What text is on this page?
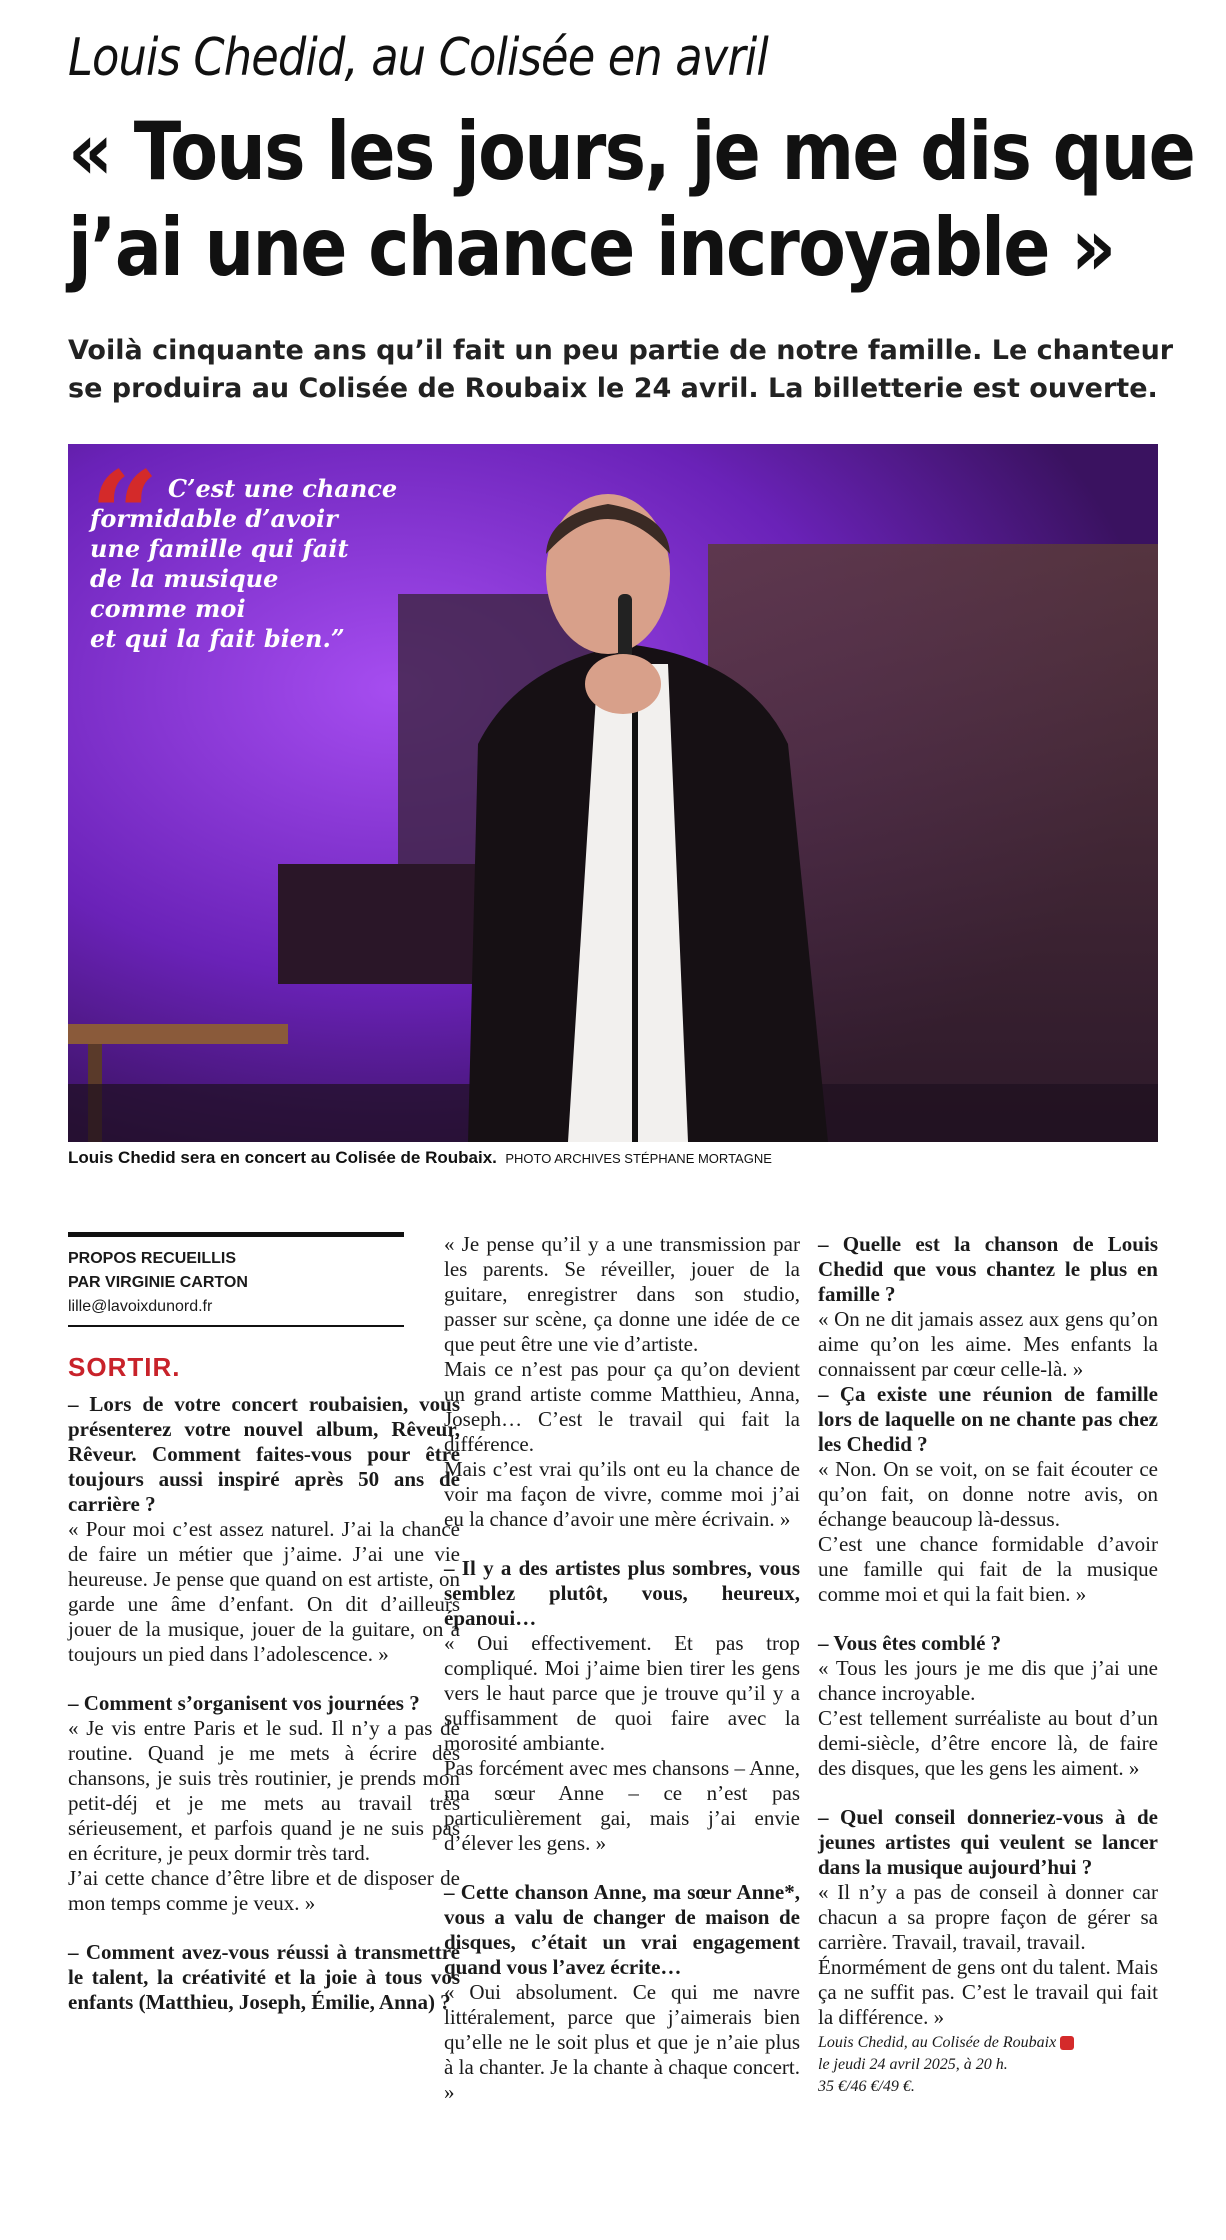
Louis Chedid, au Colisée en avril
« Tous les jours, je me dis que
j’ai une chance incroyable »
Voilà cinquante ans qu’il fait un peu partie de notre famille. Le chanteur
se produira au Colisée de Roubaix le 24 avril. La billetterie est ouverte.
“ C’est une chance
formidable d’avoir
une famille qui fait
de la musique
comme moi
et qui la fait bien.”
Louis Chedid sera en concert au Colisée de Roubaix. PHOTO ARCHIVES STÉPHANE MORTAGNE
PROPOS RECUEILLIS
PAR VIRGINIE CARTON
lille@lavoixdunord.fr
SORTIR.

– Lors de votre concert roubaisien, vous présenterez votre nouvel album, Rêveur, Rêveur. Comment faites-vous pour être toujours aussi inspiré après 50 ans de carrière ?

« Pour moi c’est assez naturel. J’ai la chance de faire un métier que j’aime. J’ai une vie heureuse. Je pense que quand on est artiste, on garde une âme d’enfant. On dit d’ailleurs jouer de la musique, jouer de la guitare, on a toujours un pied dans l’adolescence. »

– Comment s’organisent vos journées ?

« Je vis entre Paris et le sud. Il n’y a pas de routine. Quand je me mets à écrire des chansons, je suis très routinier, je prends mon petit-déj et je me mets au travail très sérieusement, et parfois quand je ne suis pas en écriture, je peux dormir très tard.

J’ai cette chance d’être libre et de disposer de mon temps comme je veux. »

– Comment avez-vous réussi à transmettre le talent, la créativité et la joie à tous vos enfants (Matthieu, Joseph, Émilie, Anna) ?

« Je pense qu’il y a une transmission par les parents. Se réveiller, jouer de la guitare, enregistrer dans son studio, passer sur scène, ça donne une idée de ce que peut être une vie d’artiste.

Mais ce n’est pas pour ça qu’on devient un grand artiste comme Matthieu, Anna, Joseph… C’est le travail qui fait la différence.

Mais c’est vrai qu’ils ont eu la chance de voir ma façon de vivre, comme moi j’ai eu la chance d’avoir une mère écrivain. »

– Il y a des artistes plus sombres, vous semblez plutôt, vous, heureux, épanoui…

« Oui effectivement. Et pas trop compliqué. Moi j’aime bien tirer les gens vers le haut parce que je trouve qu’il y a suffisamment de quoi faire avec la morosité ambiante.

Pas forcément avec mes chansons – Anne, ma sœur Anne – ce n’est pas particulièrement gai, mais j’ai envie d’élever les gens. »

– Cette chanson Anne, ma sœur Anne*, vous a valu de changer de maison de disques, c’était un vrai engagement quand vous l’avez écrite…

« Oui absolument. Ce qui me navre littéralement, parce que j’aimerais bien qu’elle ne le soit plus et que je n’aie plus à la chanter. Je la chante à chaque concert. »

– Quelle est la chanson de Louis Chedid que vous chantez le plus en famille ?

« On ne dit jamais assez aux gens qu’on aime qu’on les aime. Mes enfants la connaissent par cœur celle-là. »

– Ça existe une réunion de famille lors de laquelle on ne chante pas chez les Chedid ?

« Non. On se voit, on se fait écouter ce qu’on fait, on donne notre avis, on échange beaucoup là-dessus.

C’est une chance formidable d’avoir une famille qui fait de la musique comme moi et qui la fait bien. »

– Vous êtes comblé ?

« Tous les jours je me dis que j’ai une chance incroyable.

C’est tellement surréaliste au bout d’un demi-siècle, d’être encore là, de faire des disques, que les gens les aiment. »

– Quel conseil donneriez-vous à de jeunes artistes qui veulent se lancer dans la musique aujourd’hui ?

« Il n’y a pas de conseil à donner car chacun a sa propre façon de gérer sa carrière. Travail, travail, travail.

Énormément de gens ont du talent. Mais ça ne suffit pas. C’est le travail qui fait la différence. »

Louis Chedid, au Colisée de Roubaix
le jeudi 24 avril 2025, à 20 h.
35 €/46 €/49 €.
